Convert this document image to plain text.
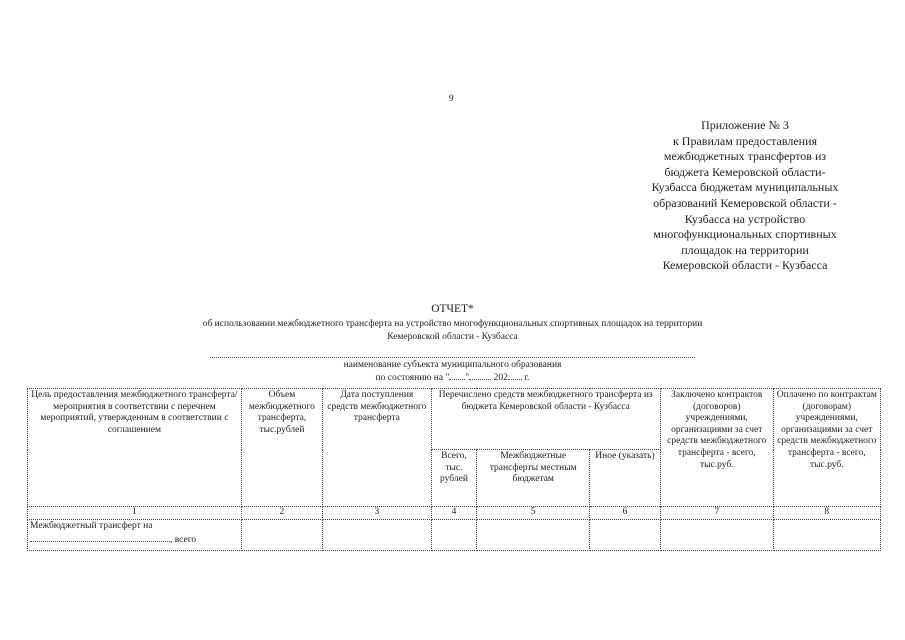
9
Приложение № 3
к Правилам предоставления
межбюджетных трансфертов из
бюджета Кемеровской области-
Кузбасса бюджетам муниципальных
образований Кемеровской области -
Кузбасса на устройство
многофункциональных спортивных
площадок на территории
Кемеровской области - Кузбасса
ОТЧЕТ*
об использовании межбюджетного трансферта на устройство многофункциональных спортивных площадок на территории
Кемеровской области - Кузбасса
наименование субъекта муниципального образования
по состоянию на " "	202 г.
Цель предоставления межбюджетного трансферта/ мероприятия в соответствии с перечнем мероприятий, утвержденным в соответствии с соглашением	Объем межбюджетного трансферта, тыс.рублей	Дата поступления средств межбюджетного трансферта	Перечислено средств межбюджетного трансферта из бюджета Кемеровской области - Кузбасса			Заключено контрактов (договоров) учреждениями, организациями за счет средств межбюджетного трансферта - всего, тыс.руб.	Оплачено по контрактам (договорам) учреждениями, организациями за счет средств межбюджетного трансферта - всего, тыс.руб.
			Всего, тыс. рублей	Межбюджетные трансферты местным бюджетам	Иное (указать)		
1	2	3	4	5	6	7	8

Межбюджетный трансферт на
, всего							
